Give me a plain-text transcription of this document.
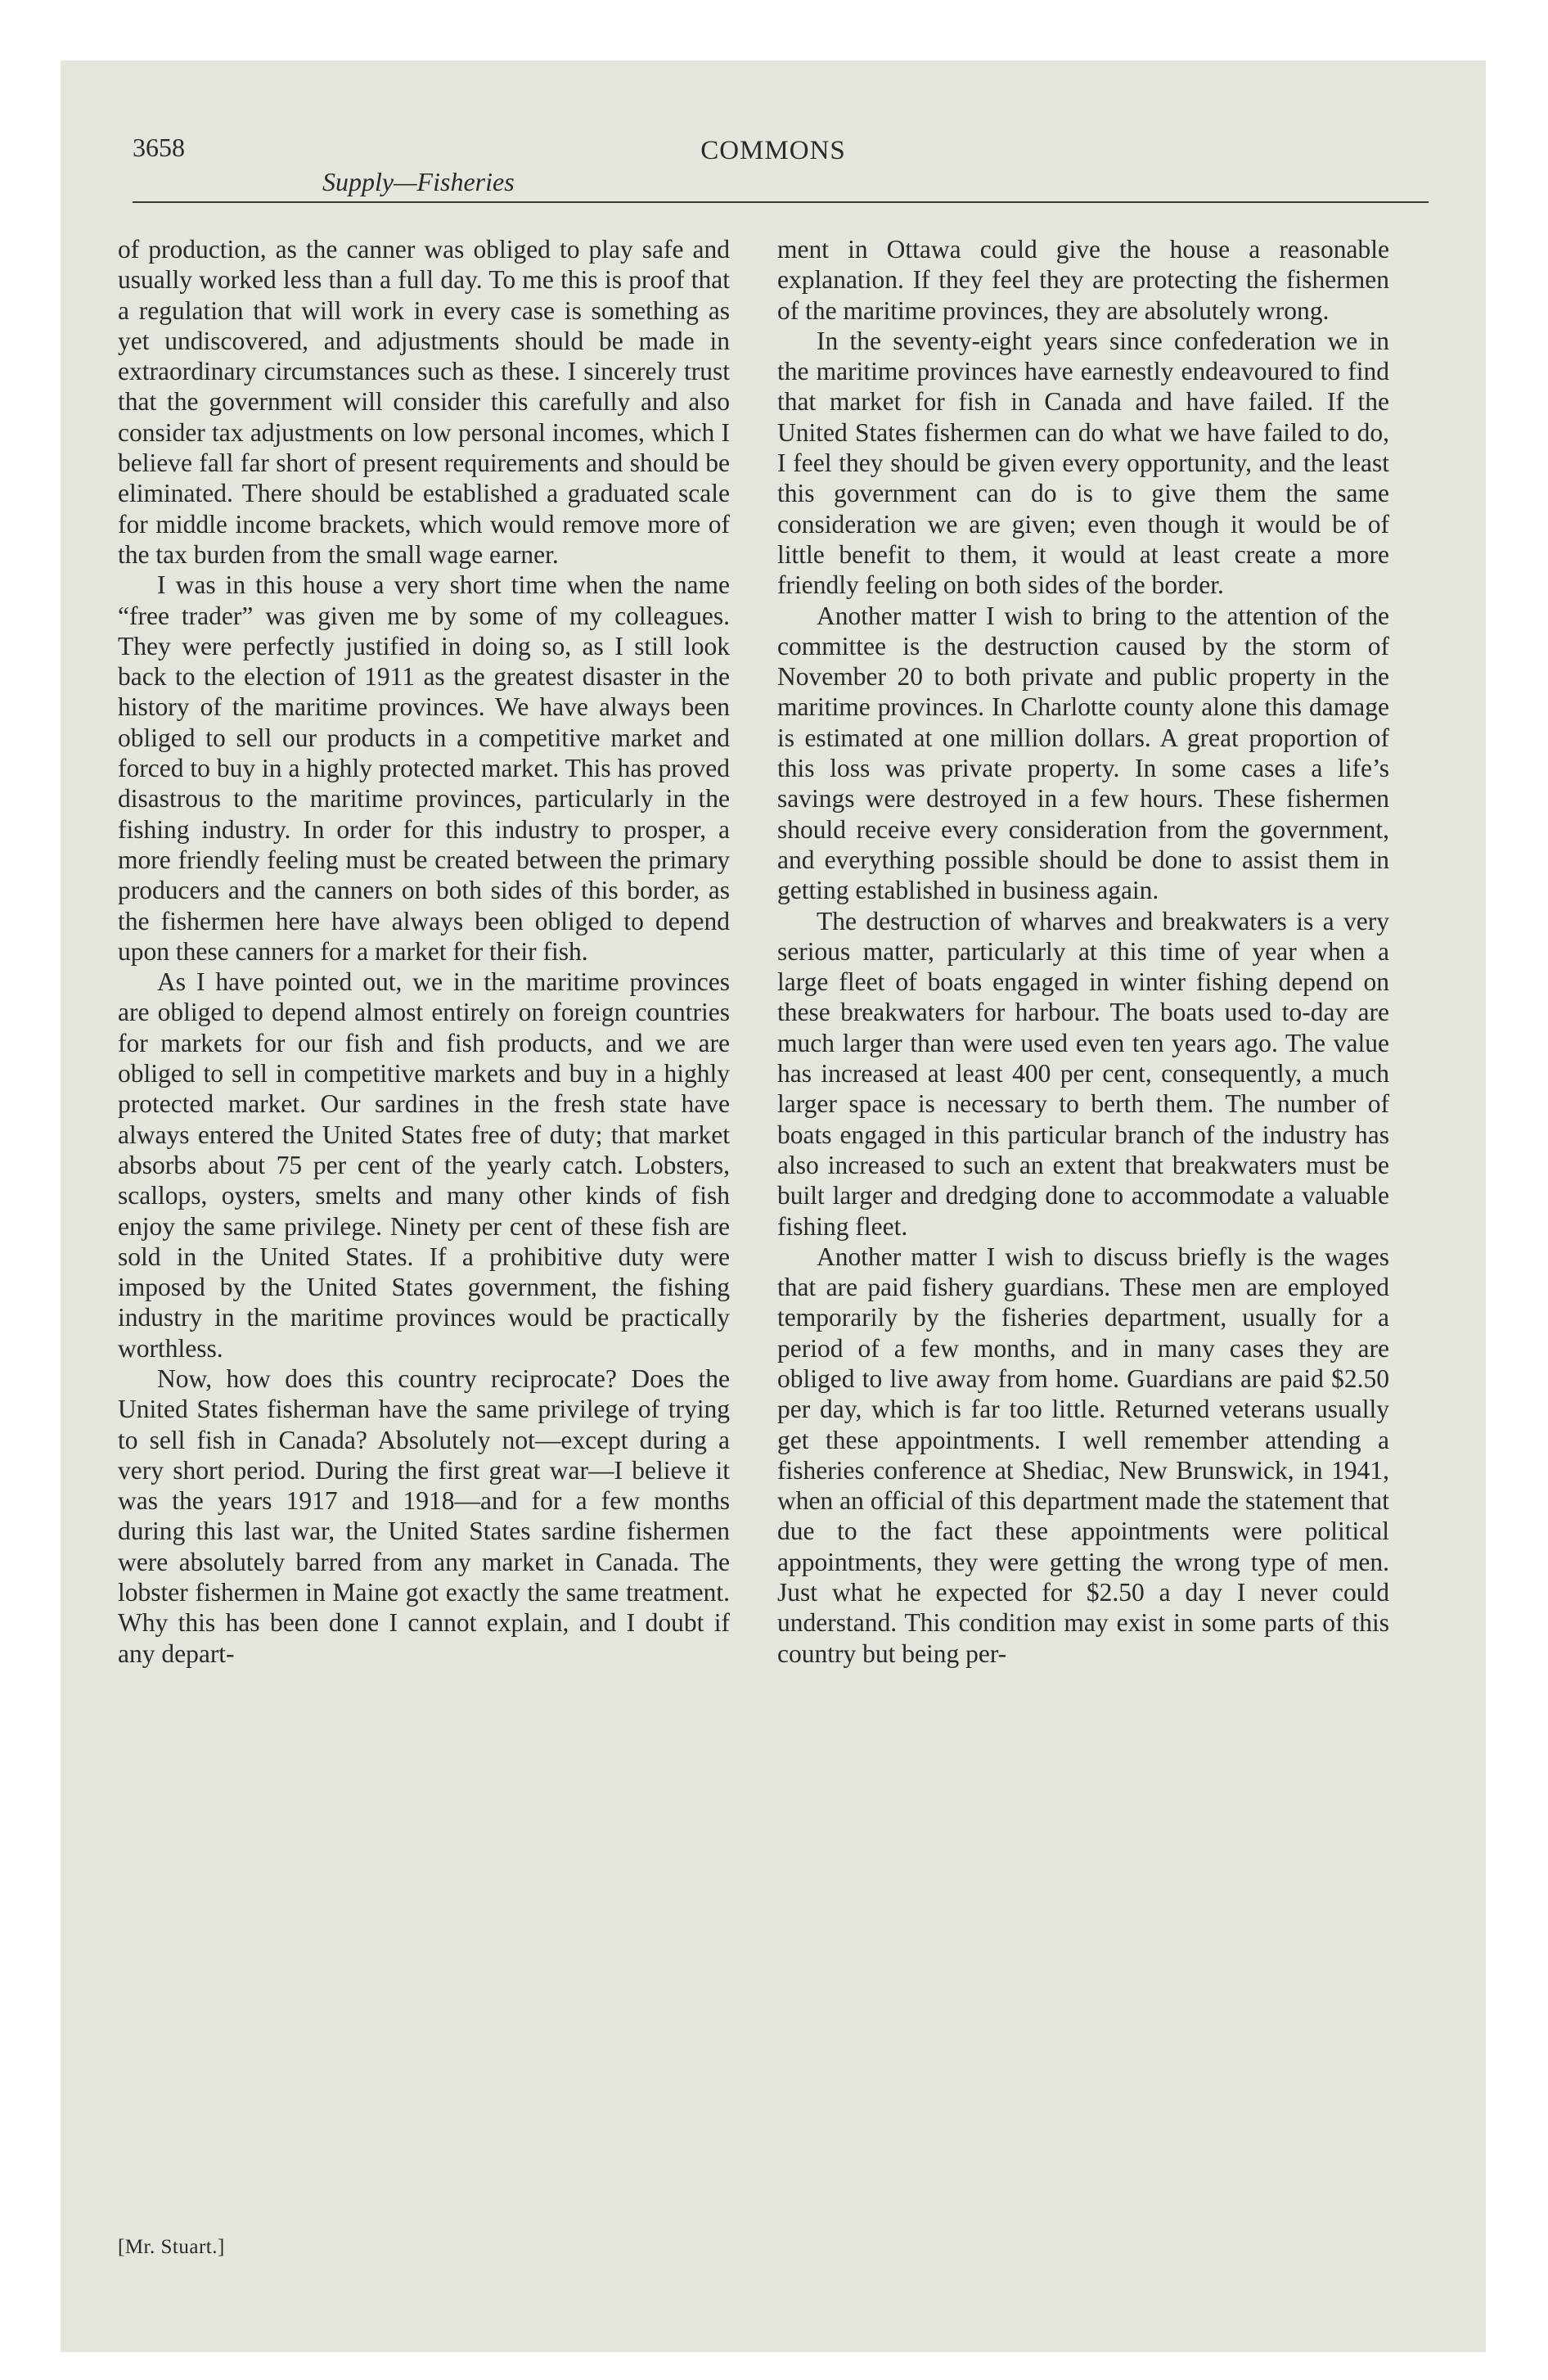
3658	COMMONS
Supply—Fisheries

of production, as the canner was obliged to play safe and usually worked less than a full day. To me this is proof that a regulation that will work in every case is something as yet undiscovered, and adjustments should be made in extraordinary circumstances such as these. I sincerely trust that the government will consider this carefully and also consider tax adjustments on low personal incomes, which I believe fall far short of present requirements and should be eliminated. There should be established a graduated scale for middle income brackets, which would remove more of the tax burden from the small wage earner.

I was in this house a very short time when the name “free trader” was given me by some of my colleagues. They were perfectly justified in doing so, as I still look back to the election of 1911 as the greatest disaster in the history of the maritime provinces. We have always been obliged to sell our products in a competitive market and forced to buy in a highly protected market. This has proved disastrous to the maritime provinces, particularly in the fishing industry. In order for this industry to prosper, a more friendly feeling must be created between the primary producers and the canners on both sides of this border, as the fishermen here have always been obliged to depend upon these canners for a market for their fish.

As I have pointed out, we in the maritime provinces are obliged to depend almost entirely on foreign countries for markets for our fish and fish products, and we are obliged to sell in competitive markets and buy in a highly protected market. Our sardines in the fresh state have always entered the United States free of duty; that market absorbs about 75 per cent of the yearly catch. Lobsters, scallops, oysters, smelts and many other kinds of fish enjoy the same privilege. Ninety per cent of these fish are sold in the United States. If a prohibitive duty were imposed by the United States government, the fishing industry in the maritime provinces would be practically worthless.

Now, how does this country reciprocate? Does the United States fisherman have the same privilege of trying to sell fish in Canada? Absolutely not—except during a very short period. During the first great war—I believe it was the years 1917 and 1918—and for a few months during this last war, the United States sardine fishermen were absolutely barred from any market in Canada. The lobster fishermen in Maine got exactly the same treatment. Why this has been done I cannot explain, and I doubt if any depart-

ment in Ottawa could give the house a reasonable explanation. If they feel they are protecting the fishermen of the maritime provinces, they are absolutely wrong.

In the seventy-eight years since confederation we in the maritime provinces have earnestly endeavoured to find that market for fish in Canada and have failed. If the United States fishermen can do what we have failed to do, I feel they should be given every opportunity, and the least this government can do is to give them the same consideration we are given; even though it would be of little benefit to them, it would at least create a more friendly feeling on both sides of the border.

Another matter I wish to bring to the attention of the committee is the destruction caused by the storm of November 20 to both private and public property in the maritime provinces. In Charlotte county alone this damage is estimated at one million dollars. A great proportion of this loss was private property. In some cases a life’s savings were destroyed in a few hours. These fishermen should receive every consideration from the government, and everything possible should be done to assist them in getting established in business again.

The destruction of wharves and breakwaters is a very serious matter, particularly at this time of year when a large fleet of boats engaged in winter fishing depend on these breakwaters for harbour. The boats used to-day are much larger than were used even ten years ago. The value has increased at least 400 per cent, consequently, a much larger space is necessary to berth them. The number of boats engaged in this particular branch of the industry has also increased to such an extent that breakwaters must be built larger and dredging done to accommodate a valuable fishing fleet.

Another matter I wish to discuss briefly is the wages that are paid fishery guardians. These men are employed temporarily by the fisheries department, usually for a period of a few months, and in many cases they are obliged to live away from home. Guardians are paid $2.50 per day, which is far too little. Returned veterans usually get these appointments. I well remember attending a fisheries conference at Shediac, New Brunswick, in 1941, when an official of this department made the statement that due to the fact these appointments were political appointments, they were getting the wrong type of men. Just what he expected for $2.50 a day I never could understand. This condition may exist in some parts of this country but being per-

[Mr. Stuart.]
